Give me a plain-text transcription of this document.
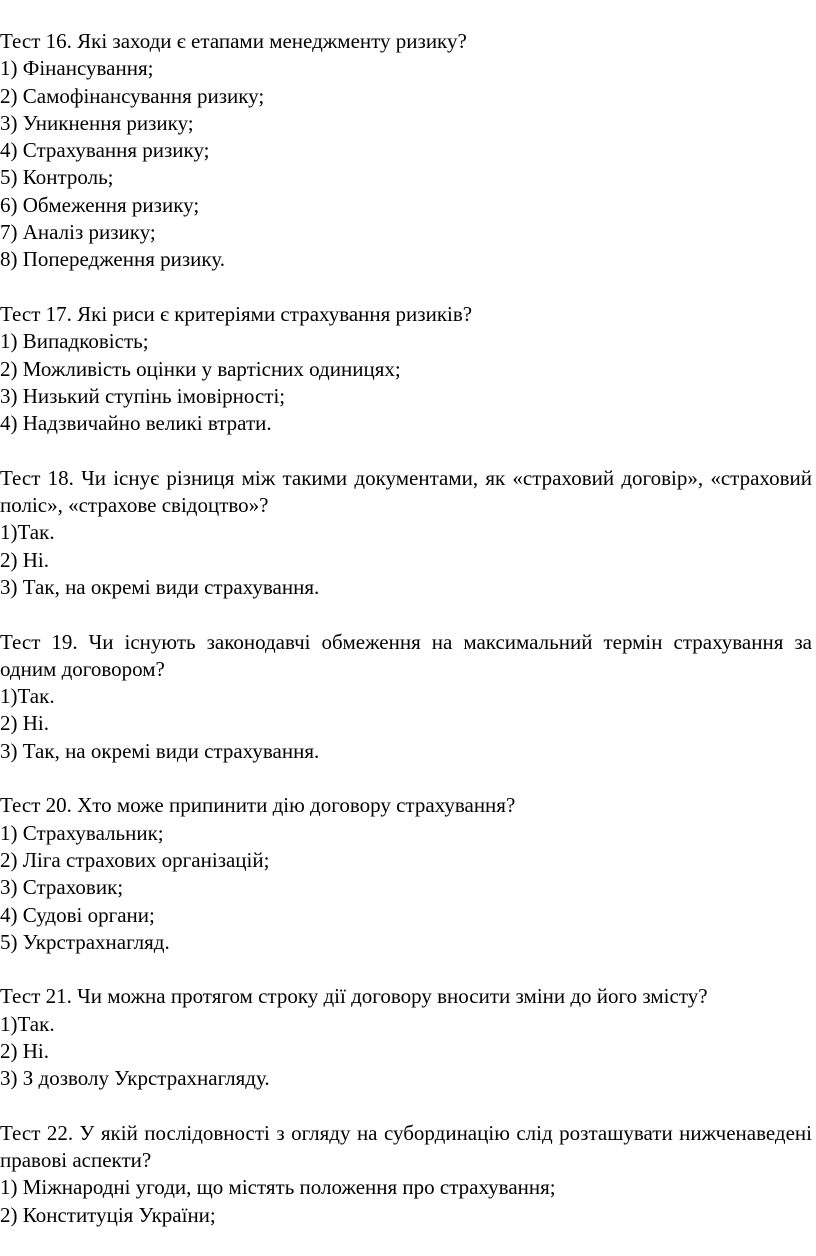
Тест 16. Які заходи є етапами менеджменту ризику?

1) Фінансування;

2) Самофінансування ризику;

3) Уникнення ризику;

4) Страхування ризику;

5) Контроль;

6) Обмеження ризику;

7) Аналіз ризику;

8) Попередження ризику.

Тест 17. Які риси є критеріями страхування ризиків?

1) Випадковість;

2) Можливість оцінки у вартісних одиницях;

3) Низький ступінь імовірності;

4) Надзвичайно великі втрати.

Тест 18. Чи існує різниця між такими документами, як «страховий договір», «страховий поліс», «страхове свідоцтво»?

1)Так.

2) Ні.

3) Так, на окремі види страхування.

Тест 19. Чи існують законодавчі обмеження на максимальний термін страхування за одним договором?

1)Так.

2) Ні.

3) Так, на окремі види страхування.

Тест 20. Хто може припинити дію договору страхування?

1) Страхувальник;

2) Ліга страхових організацій;

3) Страховик;

4) Судові органи;

5) Укрстрахнагляд.

Тест 21. Чи можна протягом строку дії договору вносити зміни до його змісту?

1)Так.

2) Ні.

3) З дозволу Укрстрахнагляду.

Тест 22. У якій послідовності з огляду на субординацію слід розташувати нижченаведені правові аспекти?

1) Міжнародні угоди, що містять положення про страхування;

2) Конституція України;
